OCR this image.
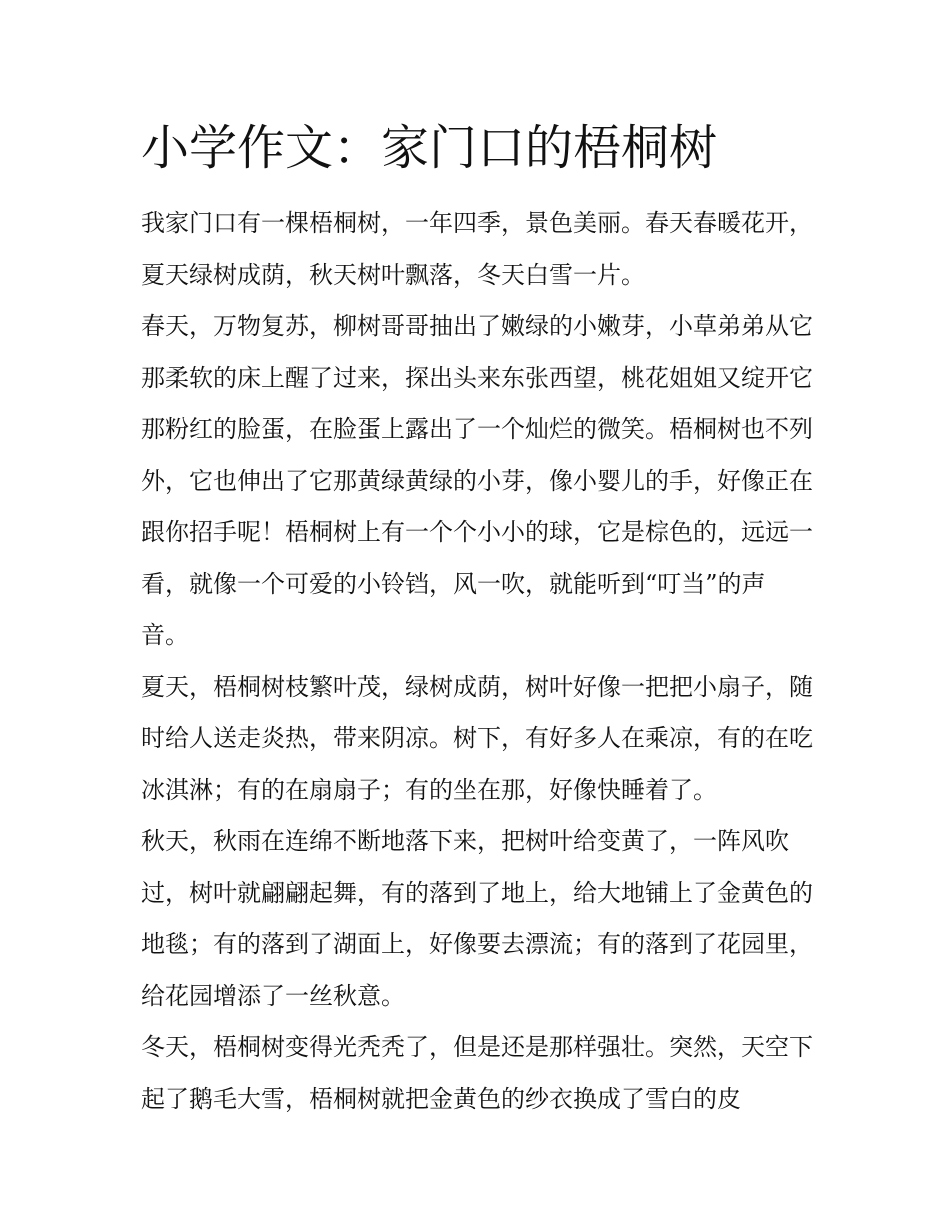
小学作文：家门口的梧桐树

我家门口有一棵梧桐树，一年四季，景色美丽。春天春暖花开，夏天绿树成荫，秋天树叶飘落，冬天白雪一片。

春天，万物复苏，柳树哥哥抽出了嫩绿的小嫩芽，小草弟弟从它那柔软的床上醒了过来，探出头来东张西望，桃花姐姐又绽开它那粉红的脸蛋，在脸蛋上露出了一个灿烂的微笑。梧桐树也不列外，它也伸出了它那黄绿黄绿的小芽，像小婴儿的手，好像正在跟你招手呢！梧桐树上有一个个小小的球，它是棕色的，远远一看，就像一个可爱的小铃铛，风一吹，就能听到“叮当”的声音。

夏天，梧桐树枝繁叶茂，绿树成荫，树叶好像一把把小扇子，随时给人送走炎热，带来阴凉。树下，有好多人在乘凉，有的在吃冰淇淋；有的在扇扇子；有的坐在那，好像快睡着了。

秋天，秋雨在连绵不断地落下来，把树叶给变黄了，一阵风吹过，树叶就翩翩起舞，有的落到了地上，给大地铺上了金黄色的地毯；有的落到了湖面上，好像要去漂流；有的落到了花园里，给花园增添了一丝秋意。

冬天，梧桐树变得光秃秃了，但是还是那样强壮。突然，天空下起了鹅毛大雪，梧桐树就把金黄色的纱衣换成了雪白的皮
